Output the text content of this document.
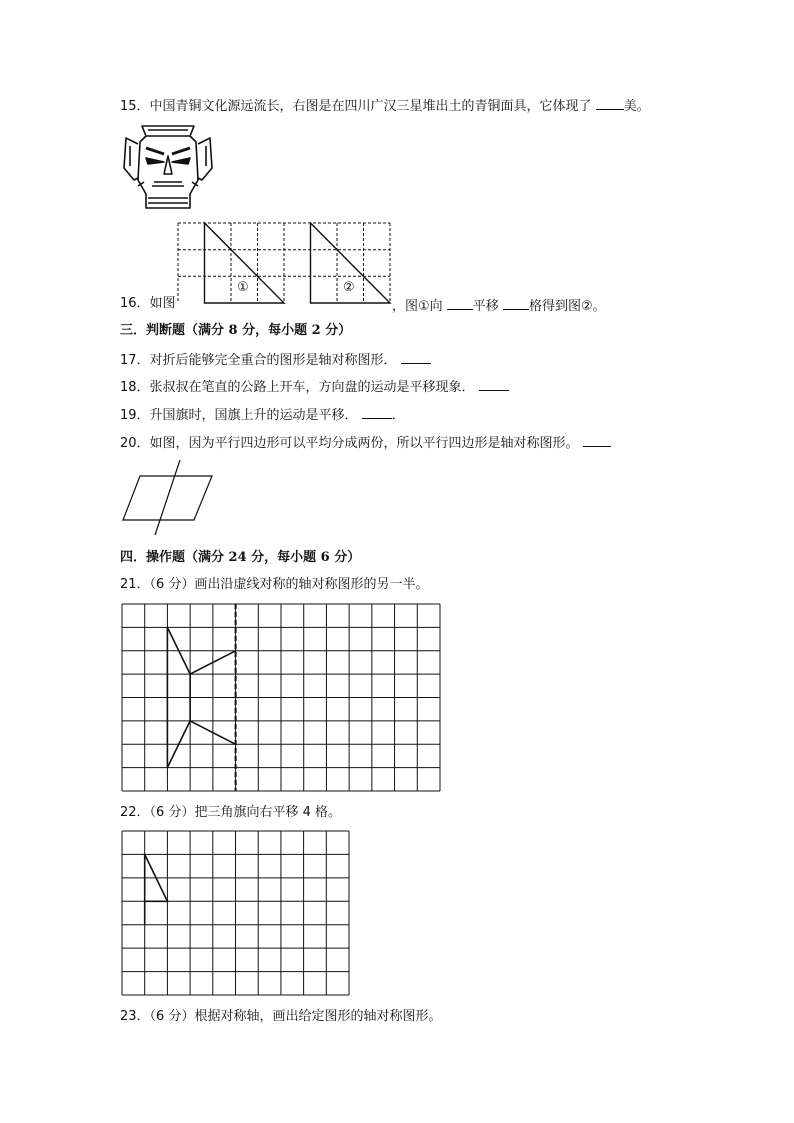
15．中国青铜文化源远流长，右图是在四川广汉三星堆出土的青铜面具，它体现了 美。
16．如图
①	②
，图①向 平移 格得到图②。
三．判断题（满分 8 分，每小题 2 分）
17．对折后能够完全重合的图形是轴对称图形．
18．张叔叔在笔直的公路上开车，方向盘的运动是平移现象．
19．升国旗时，国旗上升的运动是平移．	．
20．如图，因为平行四边形可以平均分成两份，所以平行四边形是轴对称图形。
四．操作题（满分 24 分，每小题 6 分）
21．（6 分）画出沿虚线对称的轴对称图形的另一半。
22．（6 分）把三角旗向右平移 4 格。
23．（6 分）根据对称轴，画出给定图形的轴对称图形。
